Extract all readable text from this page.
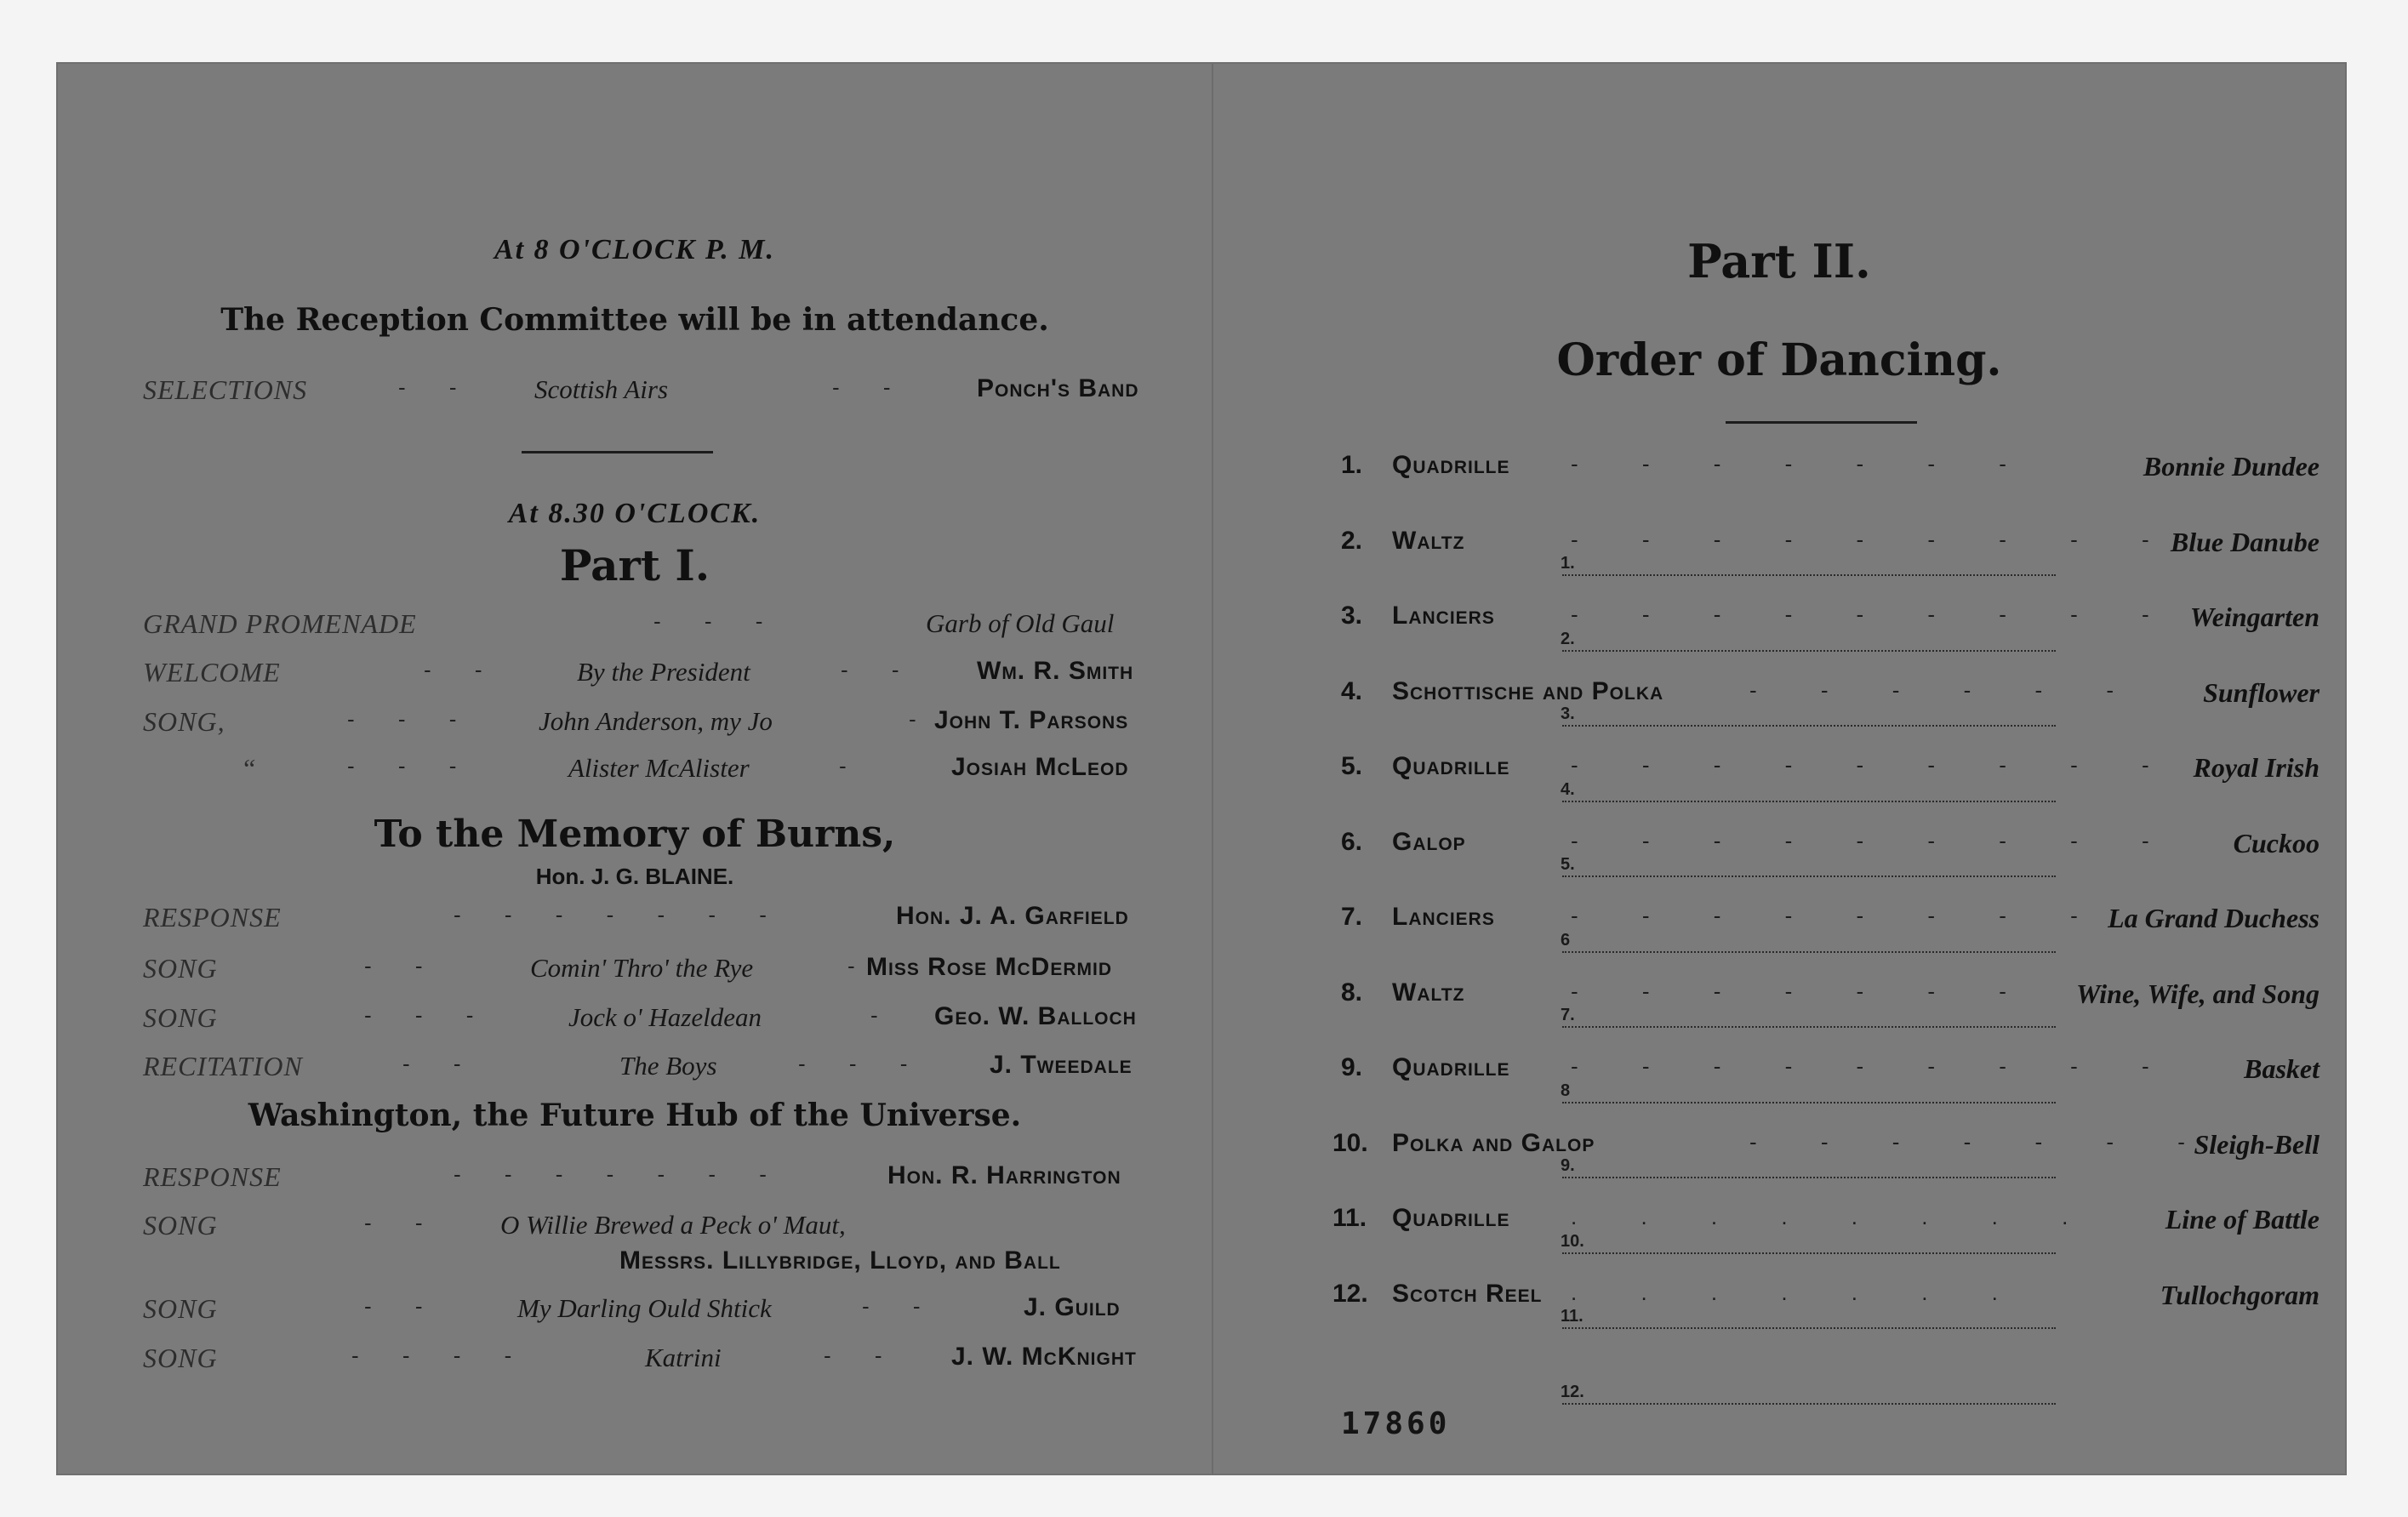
At 8 O'CLOCK P. M.
The Reception Committee will be in attendance.
SELECTIONS	- - Scottish Airs	- -	Ponch's Band
At 8.30 O'CLOCK.
Part I.
GRAND PROMENADE	- - -	Garb of Old Gaul
WELCOME	- -	By the President	- - Wm. R. Smith
SONG,	- - - John Anderson, my Jo	- John T. Parsons
“	- - -	Alister McAlister	-	Josiah McLeod
To the Memory of Burns,
Hon. J. G. BLAINE.
RESPONSE	- - - - - - -	Hon. J. A. Garfield
SONG	- -	Comin' Thro' the Rye	-
Miss Rose McDermid
SONG	- - -	Jock o' Hazeldean	- Geo. W. Balloch
RECITATION	- -	The Boys	- - - J. Tweedale
Washington, the Future Hub of the Universe.
RESPONSE	- - - - - - -	Hon. R. Harrington
SONG	- - O Willie Brewed a Peck o' Maut,
Messrs. Lillybridge, Lloyd, and Ball
SONG	- -	My Darling Ould Shtick	- -	J. Guild
SONG	- - - -	Katrini	- - J. W. McKnight
Part II.
Order of Dancing.
1. Quadrille	- - - - - - -	Bonnie Dundee
2. Waltz	- - - - - - - - -
Blue Danube
3. Lanciers	- - - - - - - - - Weingarten
4. Schottische and Polka	- - - - - - Sunflower
5. Quadrille	- - - - - - - - - Royal Irish
6. Galop	- - - - - - - - - Cuckoo
7. Lanciers	- - - - - - - - La Grand Duchess
8. Waltz	- - - - - - - Wine, Wife, and Song
9. Quadrille	- - - - - - - - - Basket
10. Polka and Galop	- - - - - - -
Sleigh-Bell
11. Quadrille	. . . . . . . .	Line of Battle
12. Scotch Reel . . . . . . .	Tullochgoram
1.
2.
3.
4.
5.
6
7.
8
9.
10.
11.
12.
17860
